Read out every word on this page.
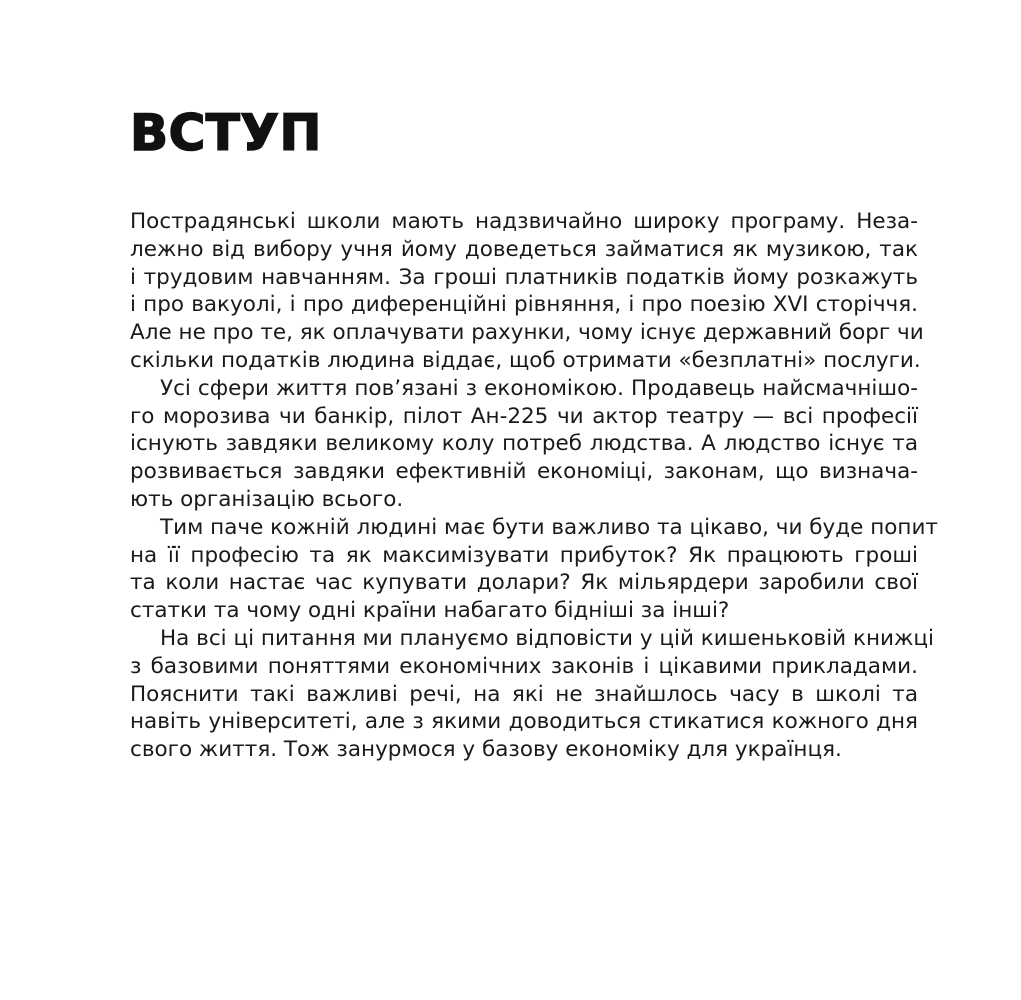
ВСТУП
Пострадянські школи мають надзвичайно широку програму. Неза-
лежно від вибору учня йому доведеться займатися як музикою, так
і трудовим навчанням. За гроші платників податків йому розкажуть
і про вакуолі, і про диференційні рівняння, і про поезію XVI сторіччя.
Але не про те, як оплачувати рахунки, чому існує державний борг чи
скільки податків людина віддає, щоб отримати «безплатні» послуги.
Усі сфери життя пов’язані з економікою. Продавець найсмачнішо-
го морозива чи банкір, пілот Ан-225 чи актор театру — всі професії
існують завдяки великому колу потреб людства. А людство існує та
розвивається завдяки ефективній економіці, законам, що визнача-
ють організацію всього.
Тим паче кожній людині має бути важливо та цікаво, чи буде попит
на її професію та як максимізувати прибуток? Як працюють гроші
та коли настає час купувати долари? Як мільярдери заробили свої
статки та чому одні країни набагато бідніші за інші?
На всі ці питання ми плануємо відповісти у цій кишеньковій книжці
з базовими поняттями економічних законів і цікавими прикладами.
Пояснити такі важливі речі, на які не знайшлось часу в школі та
навіть університеті, але з якими доводиться стикатися кожного дня
свого життя. Тож занурмося у базову економіку для українця.
